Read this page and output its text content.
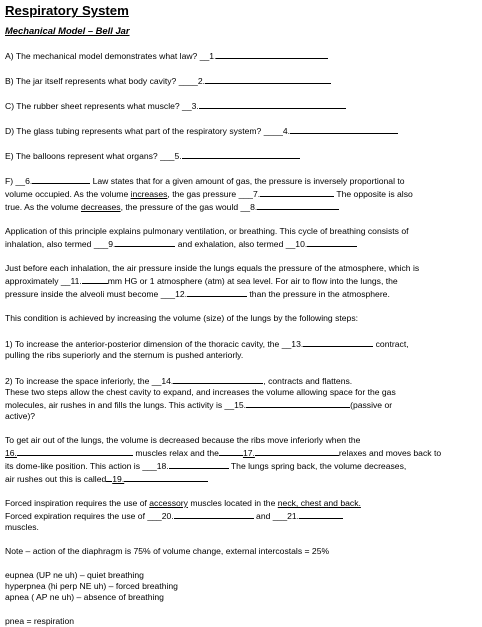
Respiratory System

Mechanical Model – Bell Jar

A) The mechanical model demonstrates what law? __1.

B) The jar itself represents what body cavity? ____2.

C) The rubber sheet represents what muscle? __3.

D) The glass tubing represents what part of the respiratory system? ____4.

E) The balloons represent what organs? ___5.

F) __6.	Law states that for a given amount of gas, the pressure is inversely proportional to

volume occupied. As the volume increases, the gas pressure ___7.	The opposite is also

true. As the volume decreases, the pressure of the gas would __8.

Application of this principle explains pulmonary ventilation, or breathing. This cycle of breathing consists of

inhalation, also termed ___9.	and exhalation, also termed __10.

Just before each inhalation, the air pressure inside the lungs equals the pressure of the atmosphere, which is

approximately __11.	mm HG or 1 atmosphere (atm) at sea level. For air to flow into the lungs, the

pressure inside the alveoli must become ___12.	than the pressure in the atmosphere.

This condition is achieved by increasing the volume (size) of the lungs by the following steps:

1) To increase the anterior-posterior dimension of the thoracic cavity, the __13.	contract,

pulling the ribs superiorly and the sternum is pushed anteriorly.

2) To increase the space inferiorly, the __14.	, contracts and flattens.

These two steps allow the chest cavity to expand, and increases the volume allowing space for the gas

molecules, air rushes in and fills the lungs. This activity is __15.	(passive or

active)?

To get air out of the lungs, the volume is decreased because the ribs move inferiorly when the

16.	muscles relax and the	17.	relaxes and moves back to

its dome-like position. This action is ___18.	The lungs spring back, the volume decreases,

air rushes out this is called 19.

Forced inspiration requires the use of accessory muscles located in the neck, chest and back.

Forced expiration requires the use of ___20.	and ___21.

muscles.

Note – action of the diaphragm is 75% of volume change, external intercostals = 25%

eupnea (UP ne uh) – quiet breathing

hyperpnea (hi perp NE uh) – forced breathing

apnea ( AP ne uh) – absence of breathing

pnea = respiration
